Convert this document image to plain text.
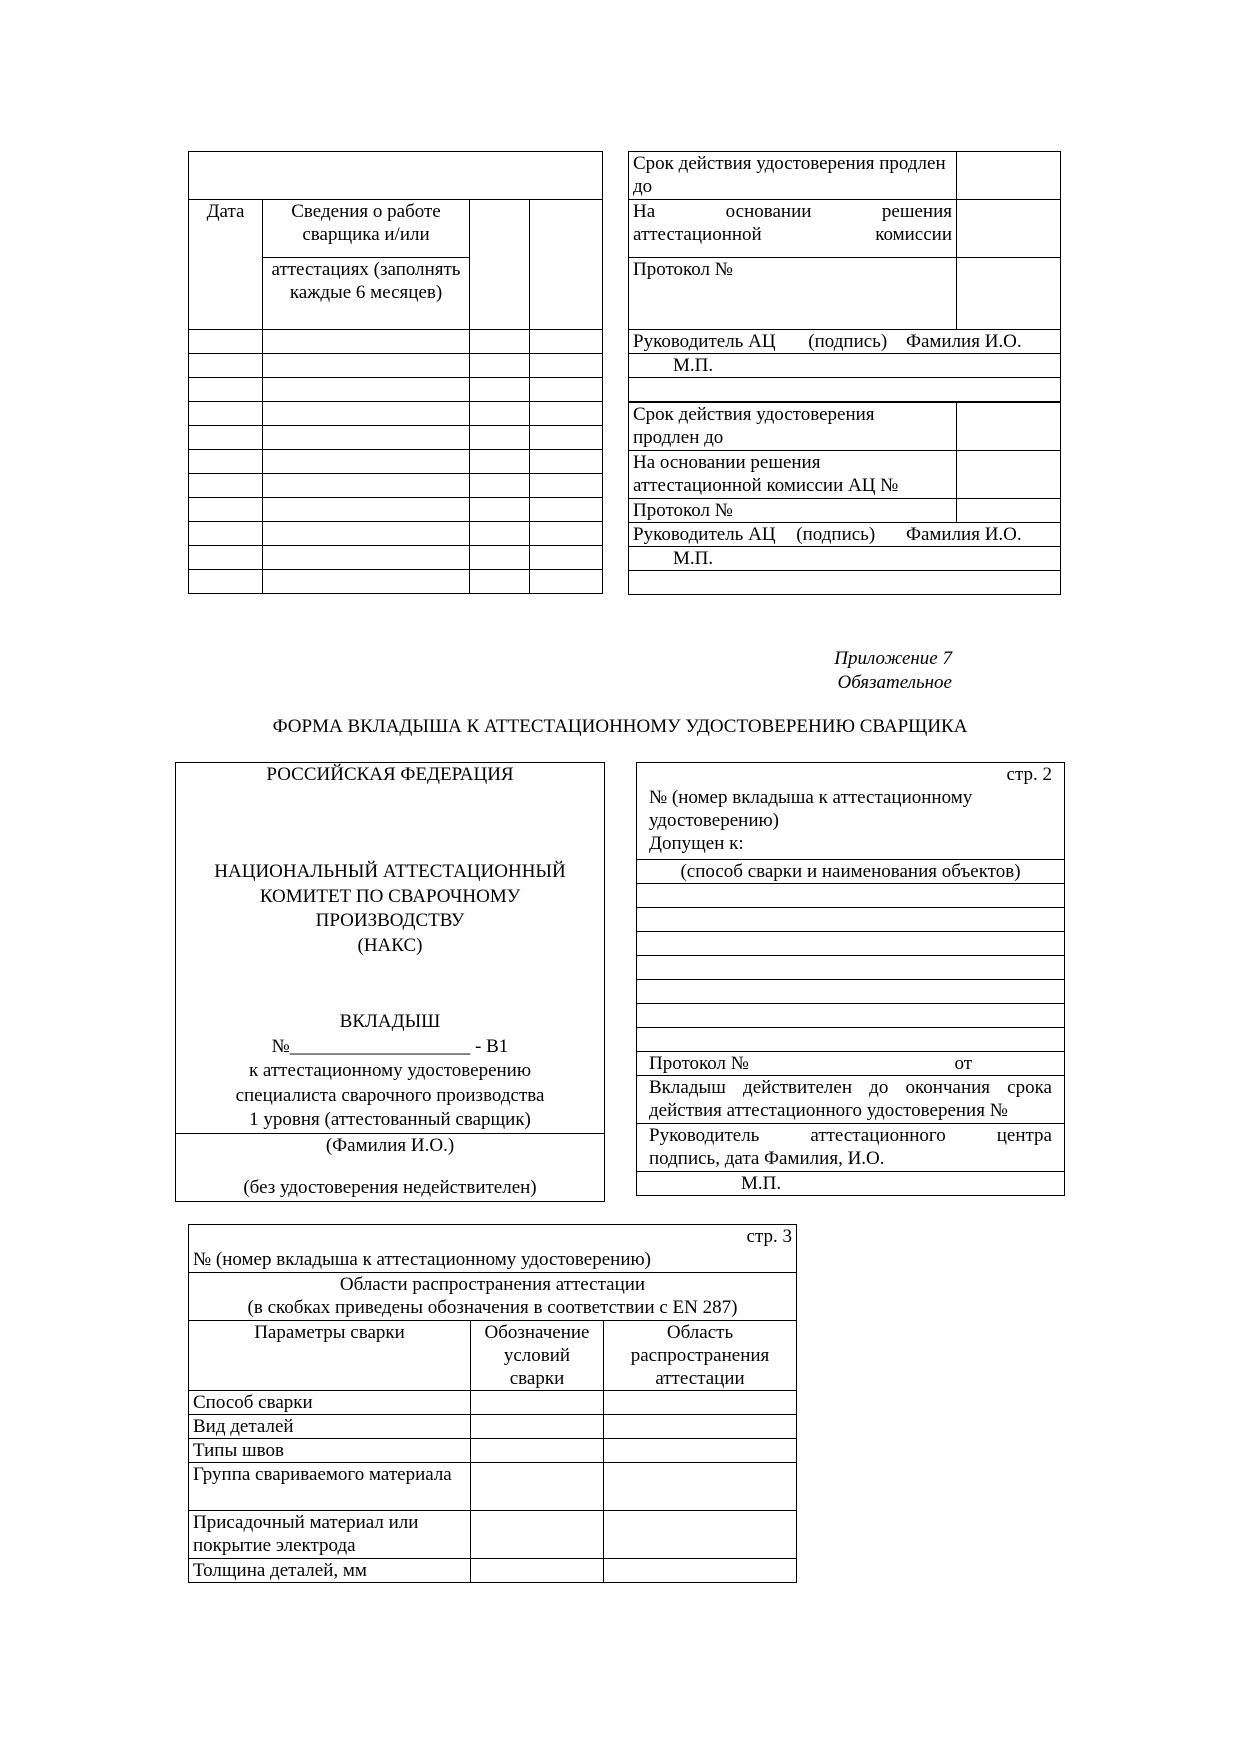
Дата	Сведения о работе сварщика и/или		
	аттестациях (заполнять каждые 6 месяцев)		

Срок действия удостоверения продлен до	

На основании решения аттестационной комиссии	

Протокол №	
Руководитель АЦ (подпись) Фамилия И.О.	
М.П.	

Срок действия удостоверения
продлен до	

На основании решения
аттестационной комиссии АЦ №	

Протокол №	
Руководитель АЦ (подпись) Фамилия И.О.	
М.П.	

Приложение 7
Обязательное
ФОРМА ВКЛАДЫША К АТТЕСТАЦИОННОМУ УДОСТОВЕРЕНИЮ СВАРЩИКА
РОССИЙСКАЯ ФЕДЕРАЦИЯ
НАЦИОНАЛЬНЫЙ АТТЕСТАЦИОННЫЙ
КОМИТЕТ ПО СВАРОЧНОМУ
ПРОИЗВОДСТВУ
(НАКС)
ВКЛАДЫШ
№___________________ - В1
к аттестационному удостоверению
специалиста сварочного производства
1 уровня (аттестованный сварщик)
(Фамилия И.О.)
(без удостоверения недействителен)
стр. 2
№ (номер вкладыша к аттестационному удостоверению)
Допущен к:

(способ сварки и наименования объектов)

Протокол №	от

Вкладыш действителен до окончания срока действия аттестационного удостоверения №

Руководитель аттестационного центра
подпись, дата Фамилия, И.О.

М.П.
стр. 3
№ (номер вкладыша к аттестационному удостоверению)		

Области распространения аттестации
(в скобках приведены обозначения в соответствии с EN 287)		

Параметры сварки	Обозначение условий сварки	Область распространения аттестации
Способ сварки		
Вид деталей		
Типы швов		
Группа свариваемого материала		
Присадочный материал или покрытие электрода		
Толщина деталей, мм		
